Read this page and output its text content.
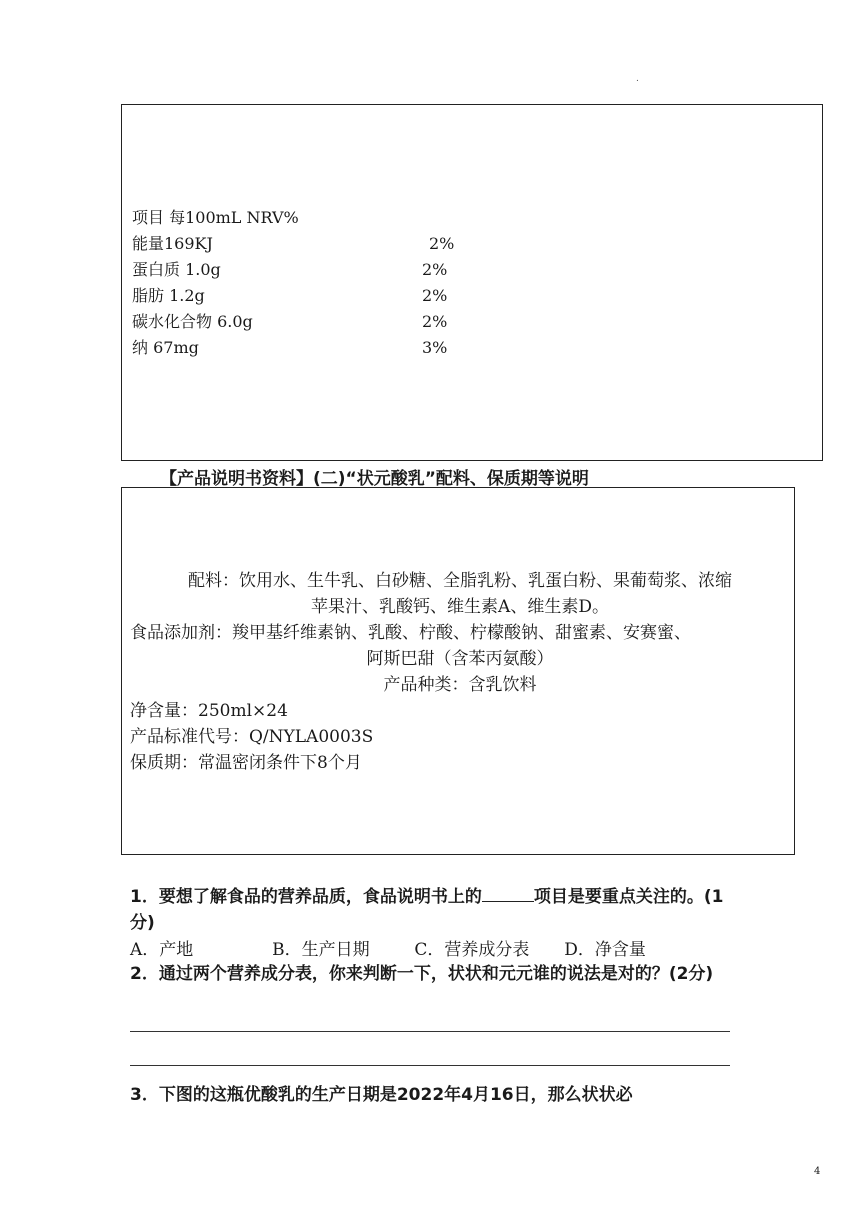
.
项目 每100mL NRV%
能量169KJ	2%
蛋白质 1.0g	2%
脂肪 1.2g	2%
碳水化合物 6.0g	2%
纳 67mg	3%
【产品说明书资料】(二)“状元酸乳”配料、保质期等说明
配料：饮用水、生牛乳、白砂糖、全脂乳粉、乳蛋白粉、果葡萄浆、浓缩
苹果汁、乳酸钙、维生素A、维生素D。
食品添加剂：羧甲基纤维素钠、乳酸、柠酸、柠檬酸钠、甜蜜素、安赛蜜、
阿斯巴甜（含苯丙氨酸）
产品种类：含乳饮料
净含量：250ml×24
产品标准代号：Q/NYLA0003S
保质期：常温密闭条件下8个月
1．要想了解食品的营养品质，食品说明书上的	项目是要重点关注的。(1分)
A．产地	B．生产日期	C．营养成分表 D．净含量
2．通过两个营养成分表，你来判断一下，状状和元元谁的说法是对的？(2分)
3．下图的这瓶优酸乳的生产日期是2022年4月16日，那么状状必
4
